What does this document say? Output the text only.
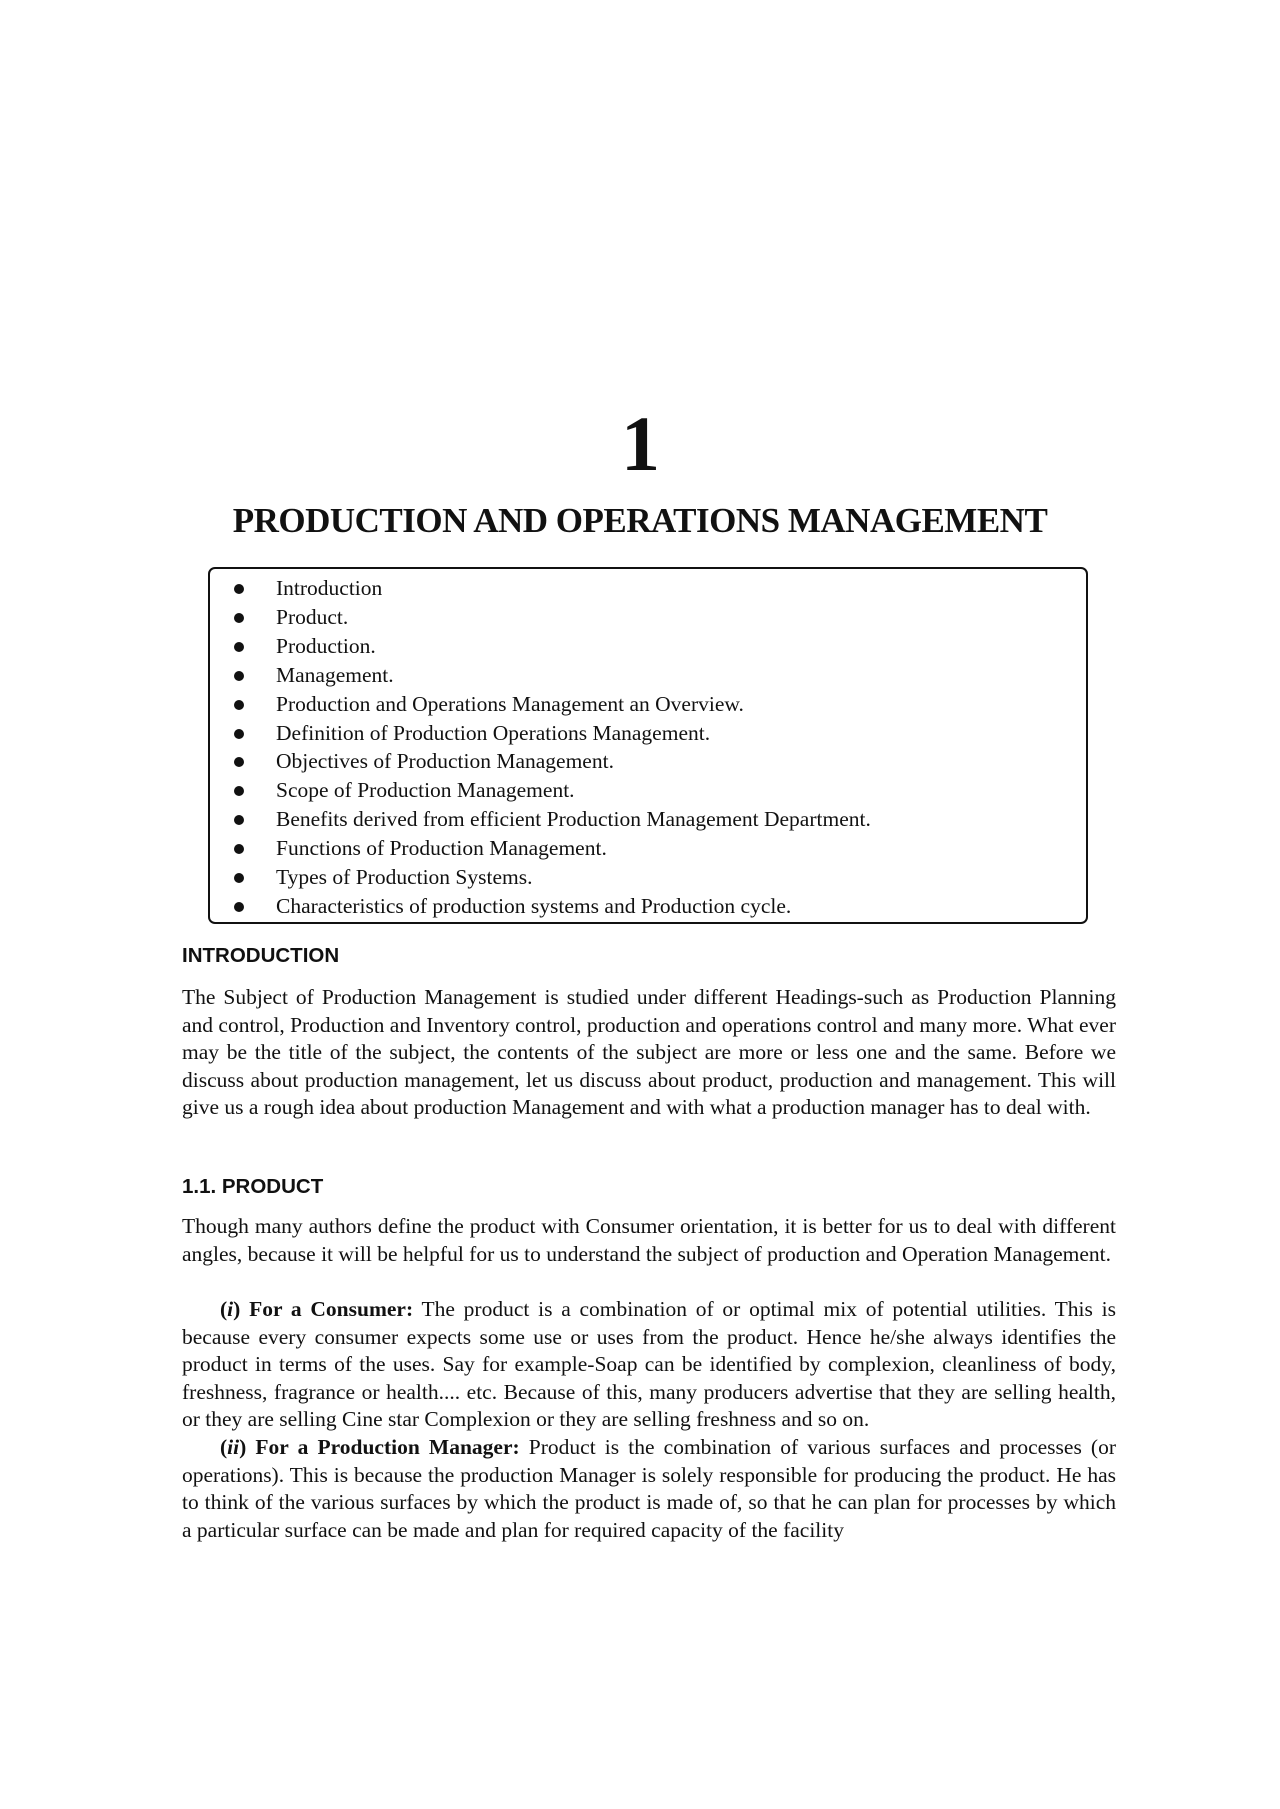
1
PRODUCTION AND OPERATIONS MANAGEMENT
Introduction
Product.
Production.
Management.
Production and Operations Management an Overview.
Definition of Production Operations Management.
Objectives of Production Management.
Scope of Production Management.
Benefits derived from efficient Production Management Department.
Functions of Production Management.
Types of Production Systems.
Characteristics of production systems and Production cycle.
INTRODUCTION

The Subject of Production Management is studied under different Headings-such as Production Planning and control, Production and Inventory control, production and operations control and many more. What ever may be the title of the subject, the contents of the subject are more or less one and the same. Before we discuss about production management, let us discuss about product, production and management. This will give us a rough idea about production Management and with what a production manager has to deal with.

1.1. PRODUCT

Though many authors define the product with Consumer orientation, it is better for us to deal with different angles, because it will be helpful for us to understand the subject of production and Operation Management.

(i) For a Consumer: The product is a combination of or optimal mix of potential utilities. This is because every consumer expects some use or uses from the product. Hence he/she always identifies the product in terms of the uses. Say for example-Soap can be identified by complexion, cleanliness of body, freshness, fragrance or health.... etc. Because of this, many producers advertise that they are selling health, or they are selling Cine star Complexion or they are selling freshness and so on.

(ii) For a Production Manager: Product is the combination of various surfaces and processes (or operations). This is because the production Manager is solely responsible for producing the product. He has to think of the various surfaces by which the product is made of, so that he can plan for processes by which a particular surface can be made and plan for required capacity of the facility
